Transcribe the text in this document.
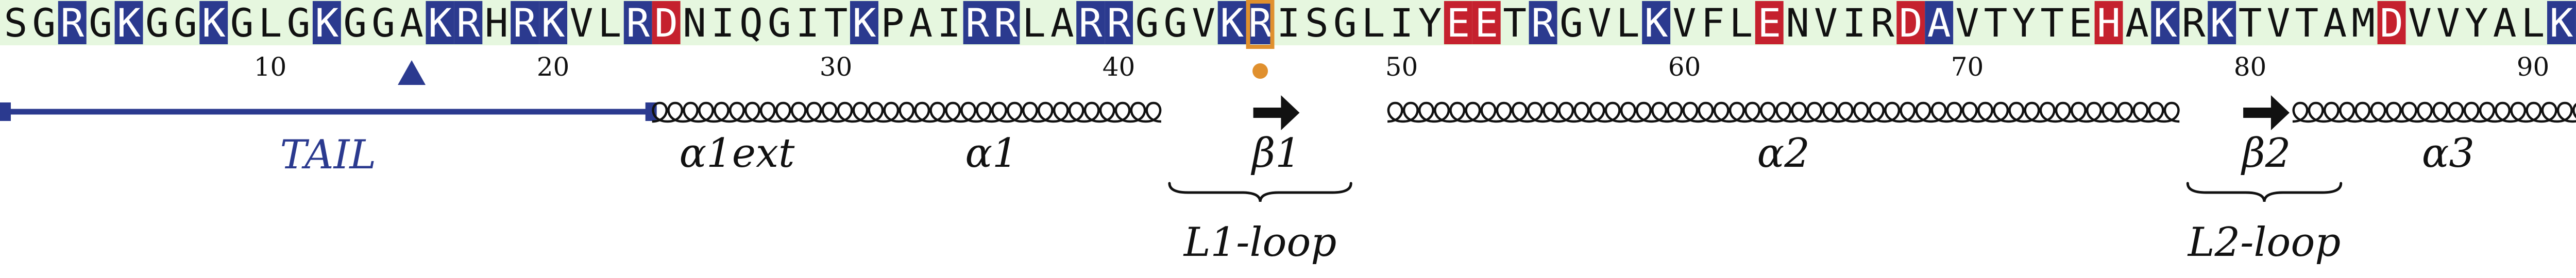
S G R G K G G K G L G K G G A K R H R K V L R D N I Q G I T K P A I R R L A R R G G V K R I S G L I Y E E T R G V L K V F L E N V I R D A V T Y T E H A K R K T V T A M D V V Y A L K
10	20	30	40	50	60	70	80	90
TAIL	α1ext	α1	α2	α3
β1	β2
L1-loop	L2-loop
